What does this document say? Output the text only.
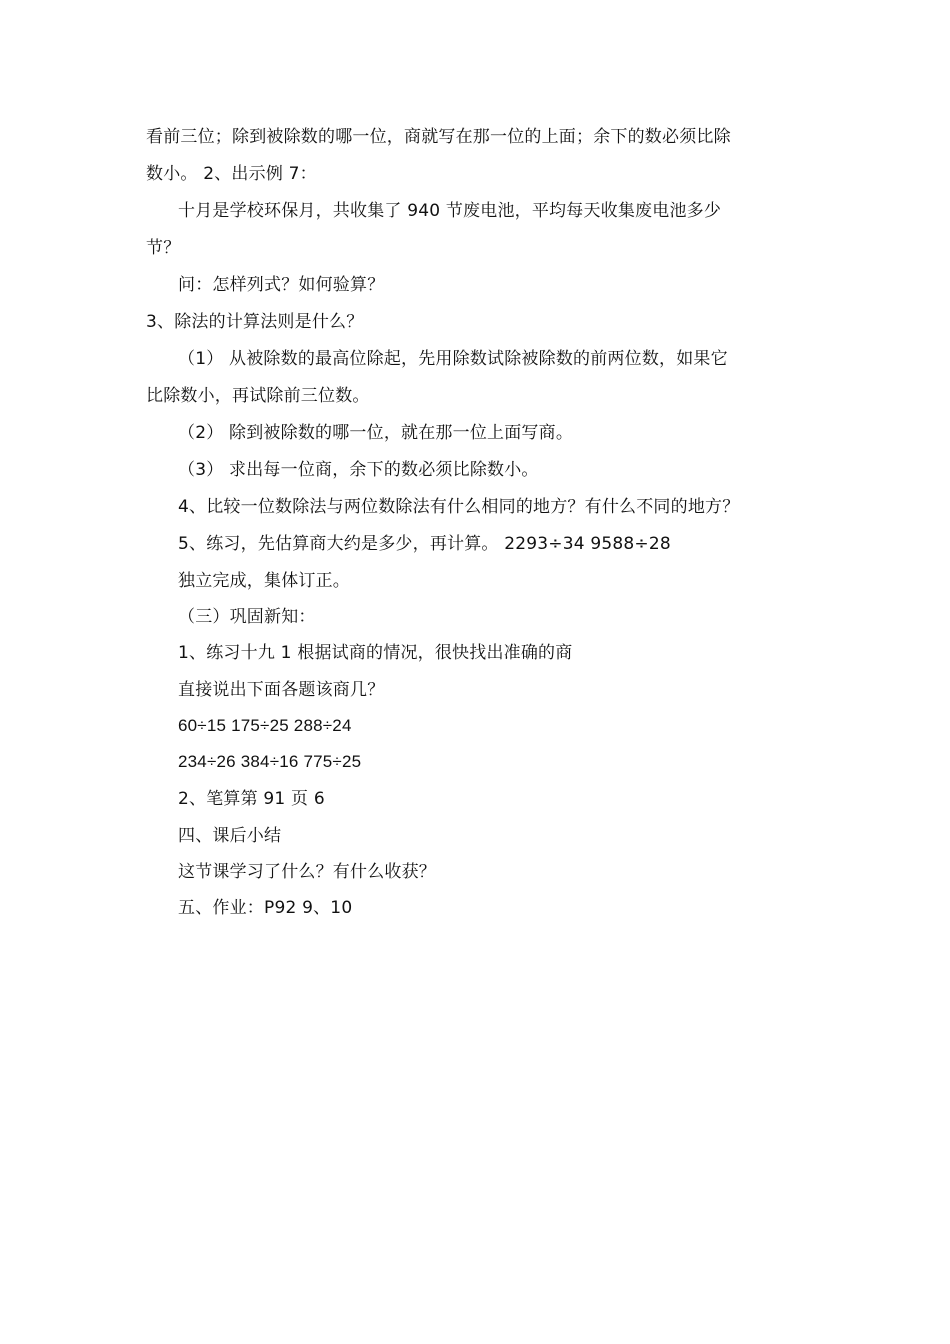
看前三位；除到被除数的哪一位，商就写在那一位的上面；余下的数必须比除
数小。 2、出示例 7：
十月是学校环保月，共收集了 940 节废电池，平均每天收集废电池多少
节？
问：怎样列式？如何验算？
3、除法的计算法则是什么？
（1） 从被除数的最高位除起，先用除数试除被除数的前两位数，如果它
比除数小，再试除前三位数。
（2） 除到被除数的哪一位，就在那一位上面写商。
（3） 求出每一位商，余下的数必须比除数小。
4、比较一位数除法与两位数除法有什么相同的地方？有什么不同的地方？
5、练习，先估算商大约是多少，再计算。 2293÷34 9588÷28
独立完成，集体订正。
（三）巩固新知：
1、练习十九 1 根据试商的情况，很快找出准确的商
直接说出下面各题该商几？
60÷15 175÷25 288÷24
234÷26 384÷16 775÷25
2、笔算第 91 页 6
四、课后小结
这节课学习了什么？有什么收获？
五、作业：P92 9、10
